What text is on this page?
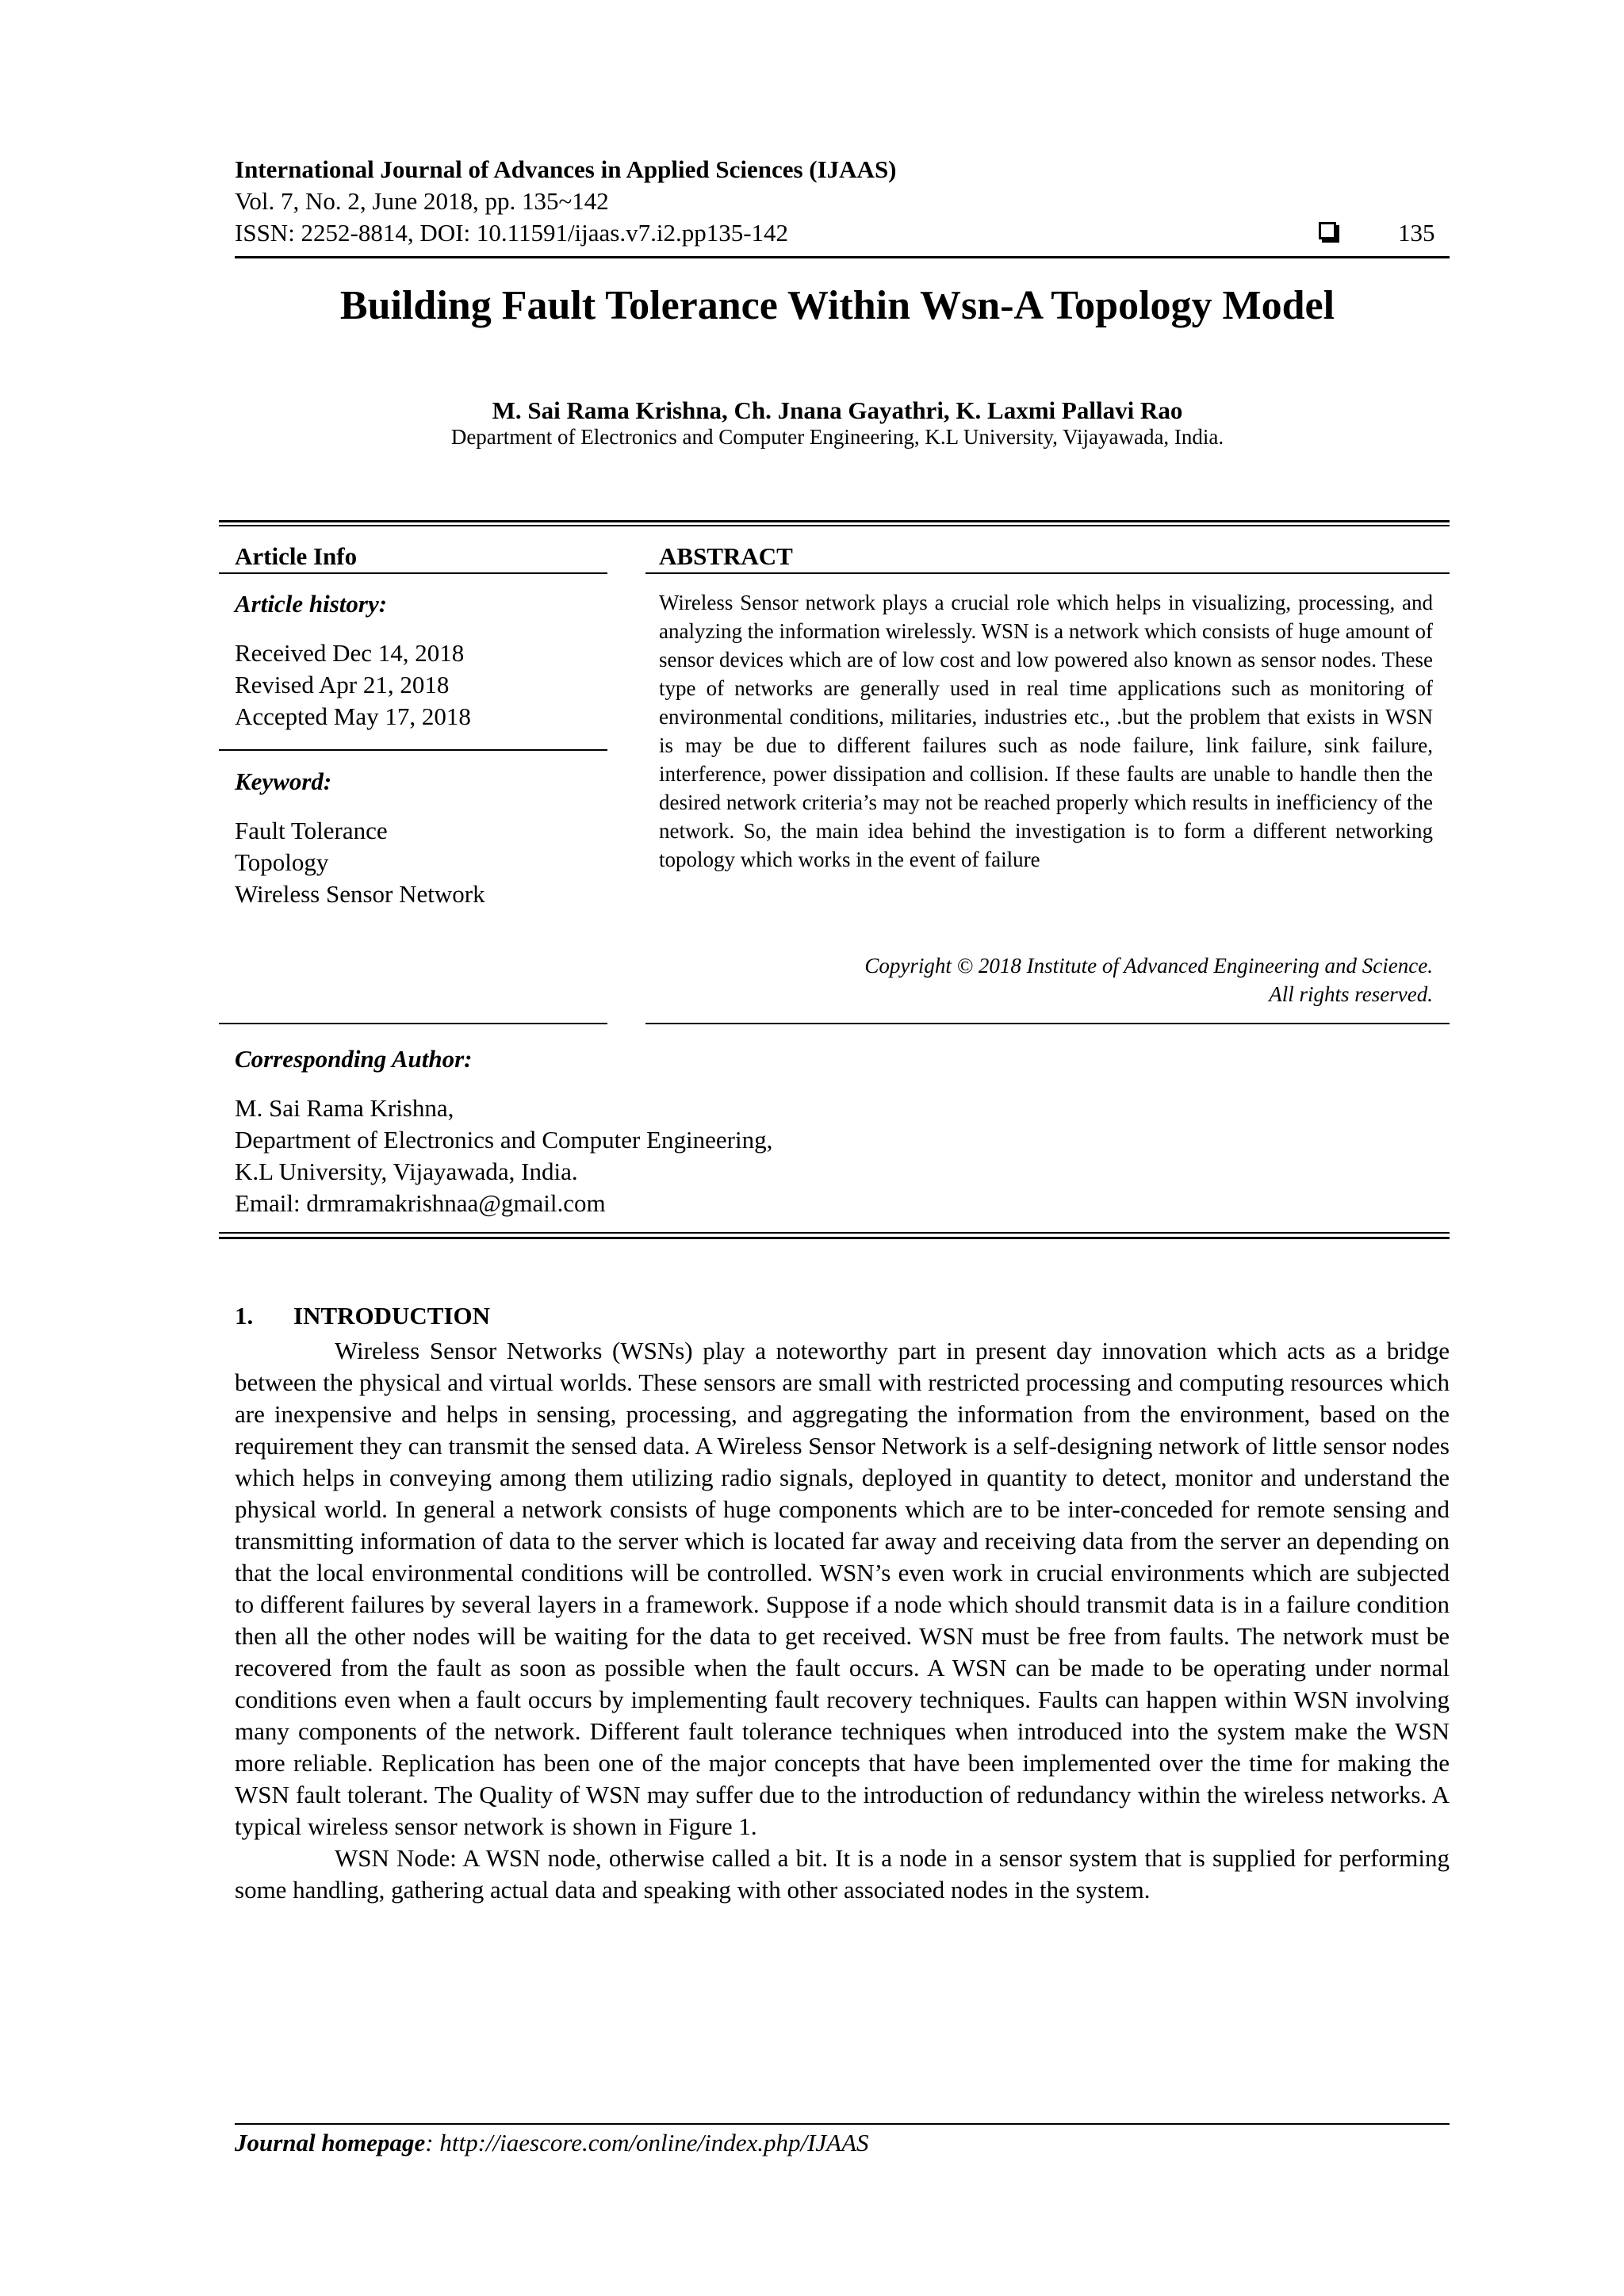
International Journal of Advances in Applied Sciences (IJAAS)
Vol. 7, No. 2, June 2018, pp. 135~142
ISSN: 2252-8814, DOI: 10.11591/ijaas.v7.i2.pp135-142	135
Building Fault Tolerance Within Wsn-A Topology Model
M. Sai Rama Krishna, Ch. Jnana Gayathri, K. Laxmi Pallavi Rao
Department of Electronics and Computer Engineering, K.L University, Vijayawada, India.
Article Info
Article history:
Received Dec 14, 2018
Revised Apr 21, 2018
Accepted May 17, 2018
Keyword:
Fault Tolerance
Topology
Wireless Sensor Network
ABSTRACT
Wireless Sensor network plays a crucial role which helps in visualizing, processing, and analyzing the information wirelessly. WSN is a network which consists of huge amount of sensor devices which are of low cost and low powered also known as sensor nodes. These type of networks are generally used in real time applications such as monitoring of environmental conditions, militaries, industries etc., .but the problem that exists in WSN is may be due to different failures such as node failure, link failure, sink failure, interference, power dissipation and collision. If these faults are unable to handle then the desired network criteria’s may not be reached properly which results in inefficiency of the network. So, the main idea behind the investigation is to form a different networking topology which works in the event of failure
Copyright © 2018 Institute of Advanced Engineering and Science.
All rights reserved.
Corresponding Author:
M. Sai Rama Krishna,
Department of Electronics and Computer Engineering,
K.L University, Vijayawada, India.
Email: drmramakrishnaa@gmail.com
1. INTRODUCTION

Wireless Sensor Networks (WSNs) play a noteworthy part in present day innovation which acts as a bridge between the physical and virtual worlds. These sensors are small with restricted processing and computing resources which are inexpensive and helps in sensing, processing, and aggregating the information from the environment, based on the requirement they can transmit the sensed data. A Wireless Sensor Network is a self-designing network of little sensor nodes which helps in conveying among them utilizing radio signals, deployed in quantity to detect, monitor and understand the physical world. In general a network consists of huge components which are to be inter-conceded for remote sensing and transmitting information of data to the server which is located far away and receiving data from the server an depending on that the local environmental conditions will be controlled. WSN’s even work in crucial environments which are subjected to different failures by several layers in a framework. Suppose if a node which should transmit data is in a failure condition then all the other nodes will be waiting for the data to get received. WSN must be free from faults. The network must be recovered from the fault as soon as possible when the fault occurs. A WSN can be made to be operating under normal conditions even when a fault occurs by implementing fault recovery techniques. Faults can happen within WSN involving many components of the network. Different fault tolerance techniques when introduced into the system make the WSN more reliable. Replication has been one of the major concepts that have been implemented over the time for making the WSN fault tolerant. The Quality of WSN may suffer due to the introduction of redundancy within the wireless networks. A typical wireless sensor network is shown in Figure 1.

WSN Node: A WSN node, otherwise called a bit. It is a node in a sensor system that is supplied for performing some handling, gathering actual data and speaking with other associated nodes in the system.

Journal homepage: http://iaescore.com/online/index.php/IJAAS
